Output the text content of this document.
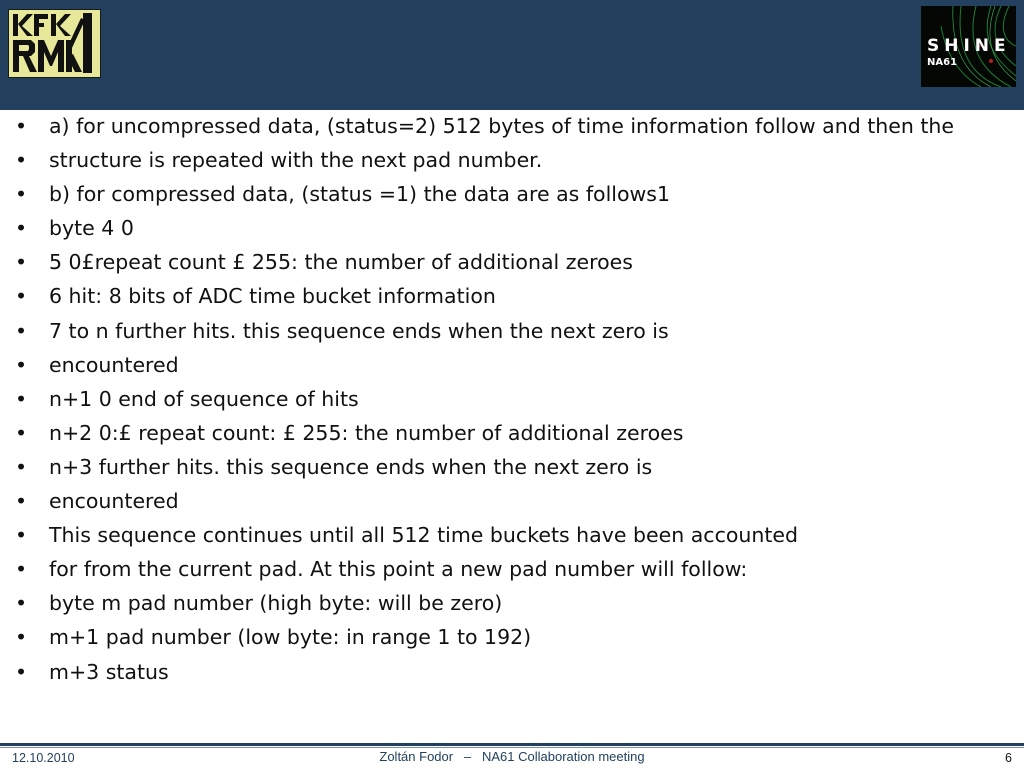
SHINE
NA61
•	a) for uncompressed data, (status=2) 512 bytes of time information follow and then the
•	structure is repeated with the next pad number.
•	b) for compressed data, (status =1) the data are as follows1
•	byte 4 0
•	5 0£repeat count £ 255: the number of additional zeroes
•	6 hit: 8 bits of ADC time bucket information
•	7 to n further hits. this sequence ends when the next zero is
•	encountered
•	n+1 0 end of sequence of hits
•	n+2 0:£ repeat count: £ 255: the number of additional zeroes
•	n+3 further hits. this sequence ends when the next zero is
•	encountered
•	This sequence continues until all 512 time buckets have been accounted
•	for from the current pad. At this point a new pad number will follow:
•	byte m pad number (high byte: will be zero)
•	m+1 pad number (low byte: in range 1 to 192)
•	m+3 status
12.10.2010	Zoltán Fodor   –   NA61 Collaboration meeting	6
